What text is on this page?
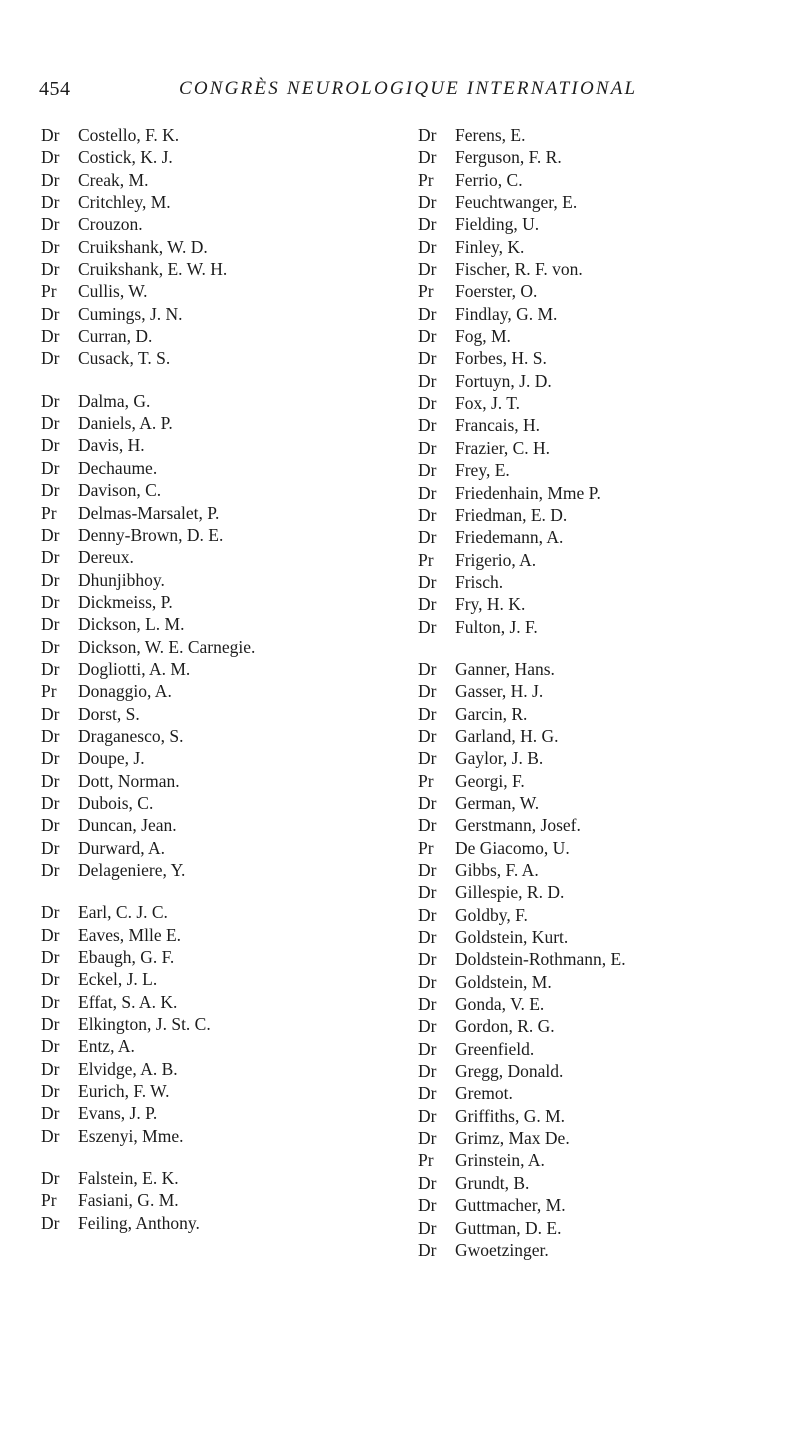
454	CONGRÈS NEUROLOGIQUE INTERNATIONAL
Dr Costello, F. K.
Dr Costick, K. J.
Dr Creak, M.
Dr Critchley, M.
Dr Crouzon.
Dr Cruikshank, W. D.
Dr Cruikshank, E. W. H.
Pr Cullis, W.
Dr Cumings, J. N.
Dr Curran, D.
Dr Cusack, T. S.
Dr Dalma, G.
Dr Daniels, A. P.
Dr Davis, H.
Dr Dechaume.
Dr Davison, C.
Pr Delmas-Marsalet, P.
Dr Denny-Brown, D. E.
Dr Dereux.
Dr Dhunjibhoy.
Dr Dickmeiss, P.
Dr Dickson, L. M.
Dr Dickson, W. E. Carnegie.
Dr Dogliotti, A. M.
Pr Donaggio, A.
Dr Dorst, S.
Dr Draganesco, S.
Dr Doupe, J.
Dr Dott, Norman.
Dr Dubois, C.
Dr Duncan, Jean.
Dr Durward, A.
Dr Delageniere, Y.
Dr Earl, C. J. C.
Dr Eaves, Mlle E.
Dr Ebaugh, G. F.
Dr Eckel, J. L.
Dr Effat, S. A. K.
Dr Elkington, J. St. C.
Dr Entz, A.
Dr Elvidge, A. B.
Dr Eurich, F. W.
Dr Evans, J. P.
Dr Eszenyi, Mme.
Dr Falstein, E. K.
Pr Fasiani, G. M.
Dr Feiling, Anthony.
Dr Ferens, E.
Dr Ferguson, F. R.
Pr Ferrio, C.
Dr Feuchtwanger, E.
Dr Fielding, U.
Dr Finley, K.
Dr Fischer, R. F. von.
Pr Foerster, O.
Dr Findlay, G. M.
Dr Fog, M.
Dr Forbes, H. S.
Dr Fortuyn, J. D.
Dr Fox, J. T.
Dr Francais, H.
Dr Frazier, C. H.
Dr Frey, E.
Dr Friedenhain, Mme P.
Dr Friedman, E. D.
Dr Friedemann, A.
Pr Frigerio, A.
Dr Frisch.
Dr Fry, H. K.
Dr Fulton, J. F.
Dr Ganner, Hans.
Dr Gasser, H. J.
Dr Garcin, R.
Dr Garland, H. G.
Dr Gaylor, J. B.
Pr Georgi, F.
Dr German, W.
Dr Gerstmann, Josef.
Pr De Giacomo, U.
Dr Gibbs, F. A.
Dr Gillespie, R. D.
Dr Goldby, F.
Dr Goldstein, Kurt.
Dr Doldstein-Rothmann, E.
Dr Goldstein, M.
Dr Gonda, V. E.
Dr Gordon, R. G.
Dr Greenfield.
Dr Gregg, Donald.
Dr Gremot.
Dr Griffiths, G. M.
Dr Grimz, Max De.
Pr Grinstein, A.
Dr Grundt, B.
Dr Guttmacher, M.
Dr Guttman, D. E.
Dr Gwoetzinger.
